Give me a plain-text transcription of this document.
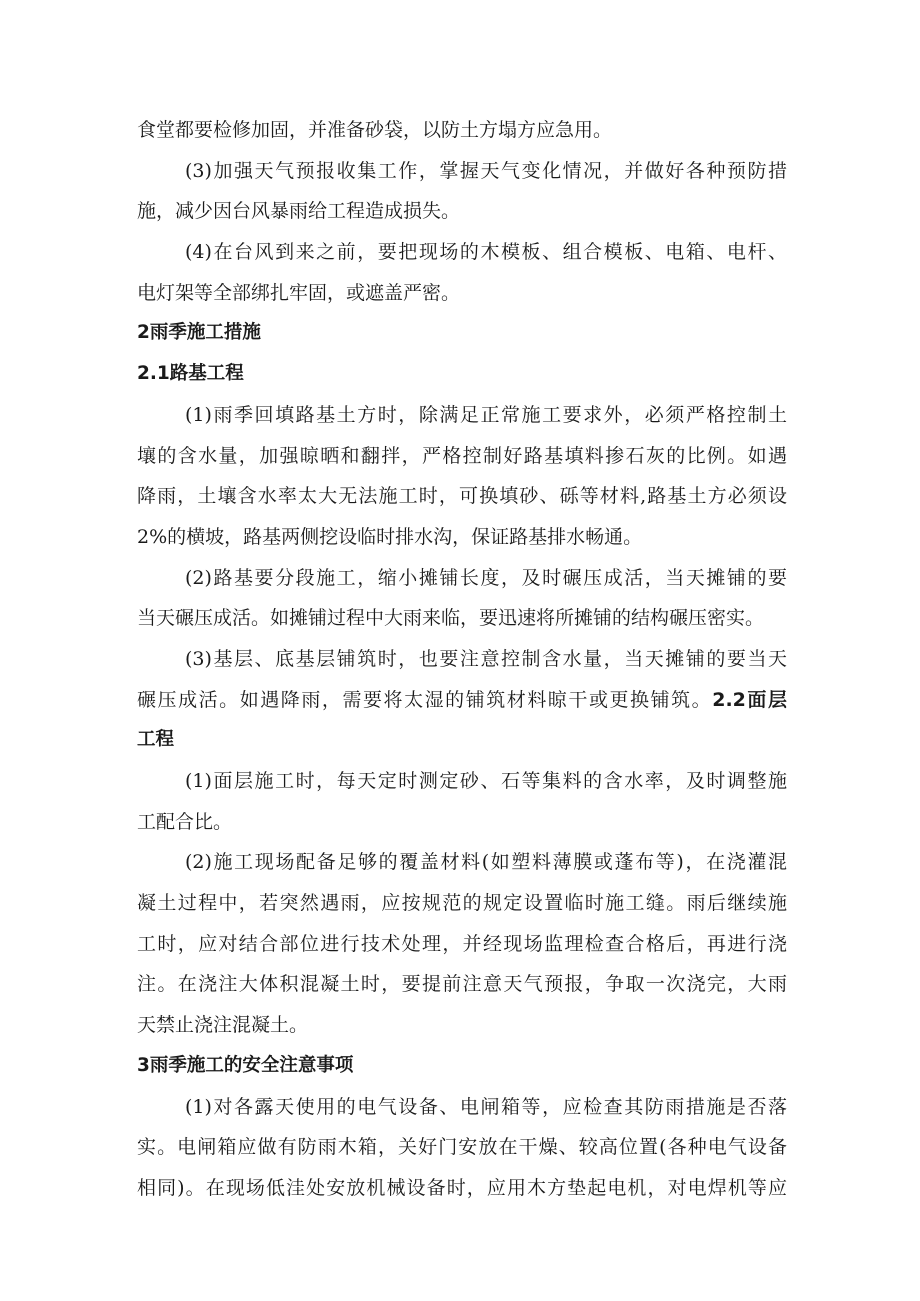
食堂都要检修加固，并准备砂袋，以防土方塌方应急用。
(3)加强天气预报收集工作，掌握天气变化情况，并做好各种预防措
施，减少因台风暴雨给工程造成损失。
(4)在台风到来之前，要把现场的木模板、组合模板、电箱、电杆、
电灯架等全部绑扎牢固，或遮盖严密。
2雨季施工措施
2.1路基工程
(1)雨季回填路基土方时，除满足正常施工要求外，必须严格控制土
壤的含水量，加强晾晒和翻拌，严格控制好路基填料掺石灰的比例。如遇
降雨，土壤含水率太大无法施工时，可换填砂、砾等材料,路基土方必须设
2%的横坡，路基两侧挖设临时排水沟，保证路基排水畅通。
(2)路基要分段施工，缩小摊铺长度，及时碾压成活，当天摊铺的要
当天碾压成活。如摊铺过程中大雨来临，要迅速将所摊铺的结构碾压密实。
(3)基层、底基层铺筑时，也要注意控制含水量，当天摊铺的要当天
碾压成活。如遇降雨，需要将太湿的铺筑材料晾干或更换铺筑。2.2面层
工程
(1)面层施工时，每天定时测定砂、石等集料的含水率，及时调整施
工配合比。
(2)施工现场配备足够的覆盖材料(如塑料薄膜或蓬布等)，在浇灌混
凝土过程中，若突然遇雨，应按规范的规定设置临时施工缝。雨后继续施
工时，应对结合部位进行技术处理，并经现场监理检查合格后，再进行浇
注。在浇注大体积混凝土时，要提前注意天气预报，争取一次浇完，大雨
天禁止浇注混凝土。
3雨季施工的安全注意事项
(1)对各露天使用的电气设备、电闸箱等，应检查其防雨措施是否落
实。电闸箱应做有防雨木箱，关好门安放在干燥、较高位置(各种电气设备
相同)。在现场低洼处安放机械设备时，应用木方垫起电机，对电焊机等应
